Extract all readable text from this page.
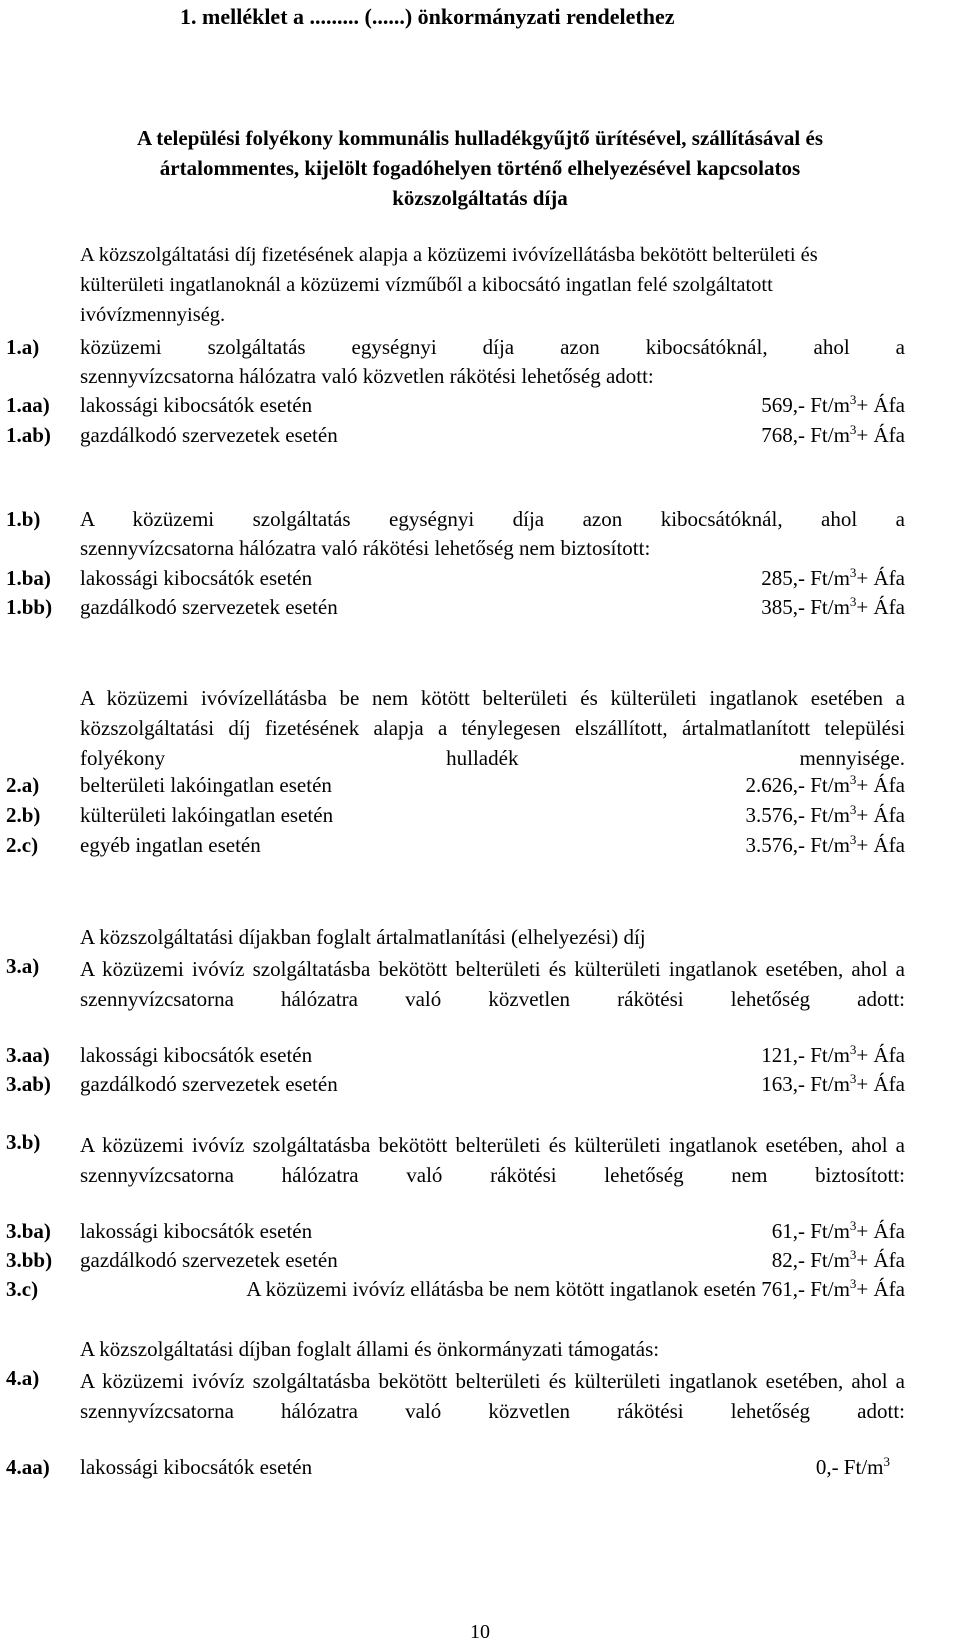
1. melléklet a ......... (......) önkormányzati rendelethez
A települési folyékony kommunális hulladékgyűjtő ürítésével, szállításával és
ártalommentes, kijelölt fogadóhelyen történő elhelyezésével kapcsolatos
közszolgáltatás díja
A közszolgáltatási díj fizetésének alapja a közüzemi ivóvízellátásba bekötött belterületi és külterületi ingatlanoknál a közüzemi vízműből a kibocsátó ingatlan felé szolgáltatott ivóvízmennyiség.
1.a) közüzemi szolgáltatás egységnyi díja azon kibocsátóknál, ahol a
szennyvízcsatorna hálózatra való közvetlen rákötési lehetőség adott:
1.aa) lakossági kibocsátók esetén	569,- $Ft/m^3+$ Áfa
1.ab) gazdálkodó szervezetek esetén	768,- $Ft/m^3+$ Áfa
1.b) A közüzemi szolgáltatás egységnyi díja azon kibocsátóknál, ahol a
szennyvízcsatorna hálózatra való rákötési lehetőség nem biztosított:
1.ba) lakossági kibocsátók esetén	285,- $Ft/m^3+$ Áfa
1.bb) gazdálkodó szervezetek esetén	385,- $Ft/m^3+$ Áfa
A közüzemi ivóvízellátásba be nem kötött belterületi és külterületi ingatlanok esetében a közszolgáltatási díj fizetésének alapja a ténylegesen elszállított, ártalmatlanított települési folyékony hulladék mennyisége.
2.a) belterületi lakóingatlan esetén	2.626,- $Ft/m^3+$ Áfa
2.b) külterületi lakóingatlan esetén	3.576,- $Ft/m^3+$ Áfa
2.c) egyéb ingatlan esetén	3.576,- $Ft/m^3+$ Áfa
A közszolgáltatási díjakban foglalt ártalmatlanítási (elhelyezési) díj
3.a) A közüzemi ivóvíz szolgáltatásba bekötött belterületi és külterületi ingatlanok esetében, ahol a szennyvízcsatorna hálózatra való közvetlen rákötési lehetőség adott:
3.aa) lakossági kibocsátók esetén	121,- $Ft/m^3+$ Áfa
3.ab) gazdálkodó szervezetek esetén	163,- $Ft/m^3+$ Áfa
3.b) A közüzemi ivóvíz szolgáltatásba bekötött belterületi és külterületi ingatlanok esetében, ahol a szennyvízcsatorna hálózatra való rákötési lehetőség nem biztosított:
3.ba) lakossági kibocsátók esetén	61,- $Ft/m^3+$ Áfa
3.bb) gazdálkodó szervezetek esetén	82,- $Ft/m^3+$ Áfa
3.c)	A közüzemi ivóvíz ellátásba be nem kötött ingatlanok esetén 761,- $Ft/m^3+$ Áfa
A közszolgáltatási díjban foglalt állami és önkormányzati támogatás:
4.a) A közüzemi ivóvíz szolgáltatásba bekötött belterületi és külterületi ingatlanok esetében, ahol a szennyvízcsatorna hálózatra való közvetlen rákötési lehetőség adott:
4.aa) lakossági kibocsátók esetén	0,- $Ft/m^3$
10
